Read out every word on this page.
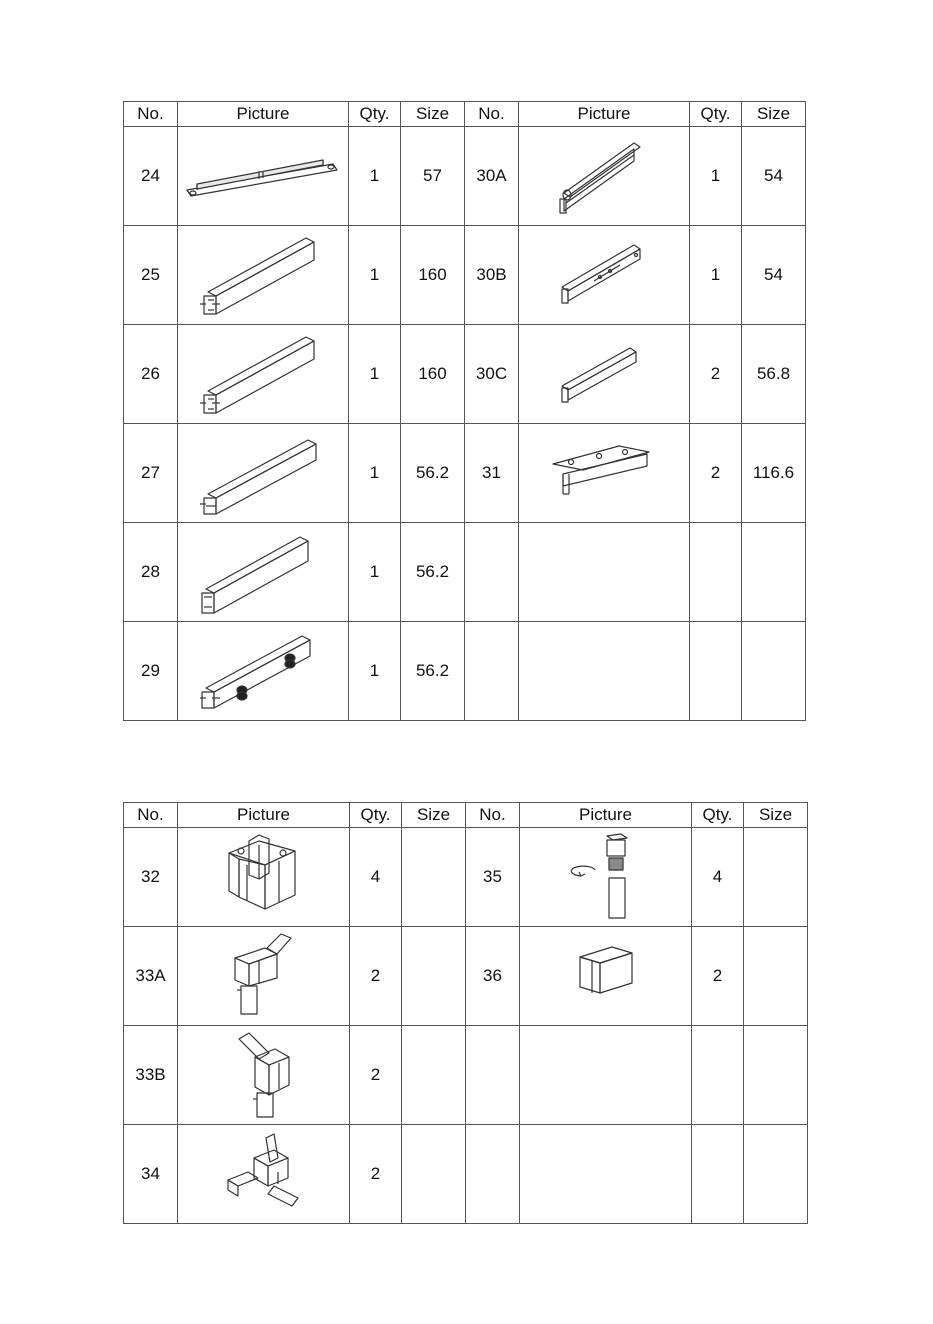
No.	Picture	Qty.	Size	No.	Picture	Qty.	Size
24		1	57	30A		1	54
25		1	160	30B		1	54
26		1	160	30C		2	56.8
27		1	56.2	31		2	116.6
28		1	56.2				
29		1	56.2				
No.	Picture	Qty.	Size	No.	Picture	Qty.	Size
32		4		35		4	
33A		2		36		2	
33B		2					
34		2					
